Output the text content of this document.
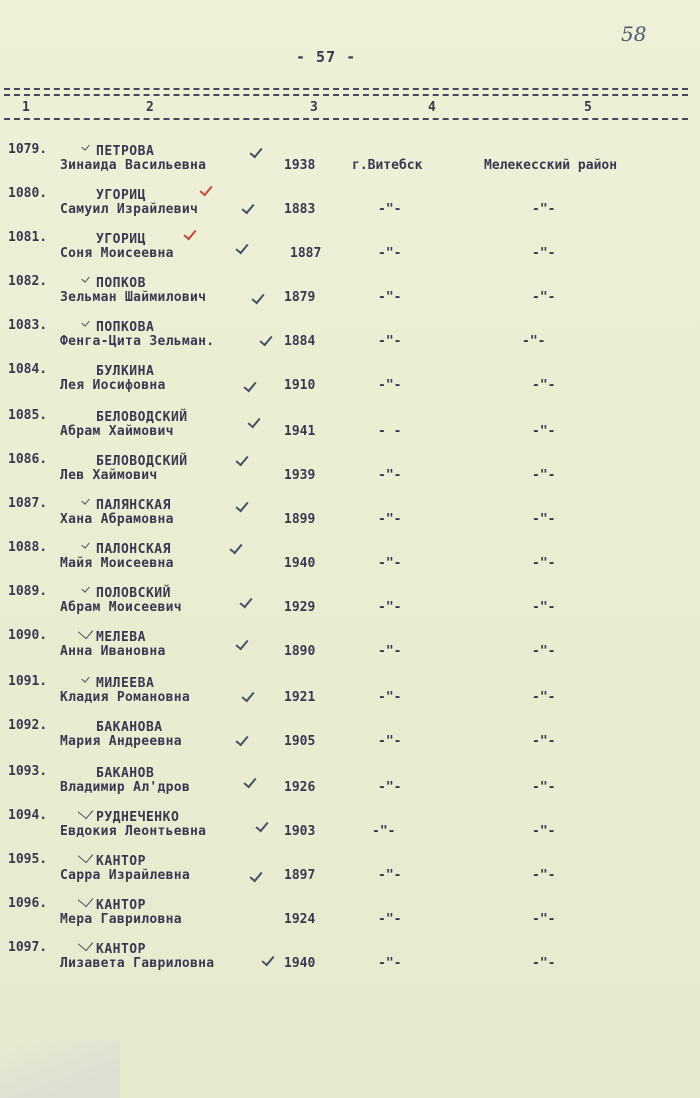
- 57 -
58
1	2	3	4	5
1079.	ПЕТРОВА
Зинаида Васильевна	1938	г.Витебск	Мелекесский район
1080.	УГОРИЦ
Самуил Израйлевич	1883	-"-	-"-
1081.	УГОРИЦ
Соня Моисеевна	1887	-"-	-"-
1082.	ПОПКОВ
Зельман Шаймилович	1879	-"-	-"-
1083.	ПОПКОВА
Фенга-Цита Зельман.	1884	-"-	-"-
1084.	БУЛКИНА
Лея Иосифовна	1910	-"-	-"-
1085.	БЕЛОВОДСКИЙ
Абрам Хаймович	1941	- -	-"-
1086.	БЕЛОВОДСКИЙ
Лев Хаймович	1939	-"-	-"-
1087.	ПАЛЯНСКАЯ
Хана Абрамовна	1899	-"-	-"-
1088.	ПАЛОНСКАЯ
Майя Моисеевна	1940	-"-	-"-
1089.	ПОЛОВСКИЙ
Абрам Моисеевич	1929	-"-	-"-
1090.	МЕЛЕВА
Анна Ивановна	1890	-"-	-"-
1091.	МИЛЕЕВА
Кладия Романовна	1921	-"-	-"-
1092.	БАКАНОВА
Мария Андреевна	1905	-"-	-"-
1093.	БАКАНОВ
Владимир Ал'дров	1926	-"-	-"-
1094.	РУДНЕЧЕНКО
Евдокия Леонтьевна	1903	-"-	-"-
1095.	КАНТОР
Сарра Израйлевна	1897	-"-	-"-
1096.	КАНТОР
Мера Гавриловна	1924	-"-	-"-
1097.	КАНТОР
Лизавета Гавриловна	1940	-"-	-"-
